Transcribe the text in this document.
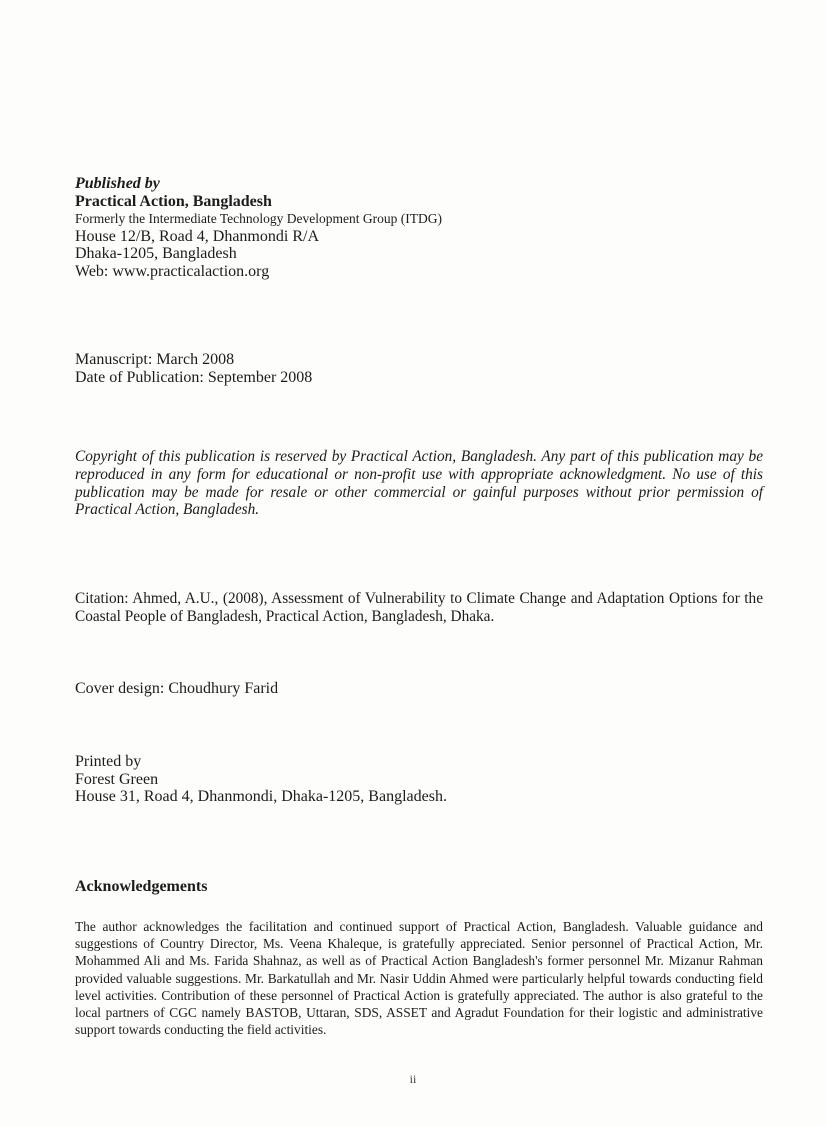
Published by
Practical Action, Bangladesh
Formerly the Intermediate Technology Development Group (ITDG)
House 12/B, Road 4, Dhanmondi R/A
Dhaka-1205, Bangladesh
Web: www.practicalaction.org
Manuscript: March 2008
Date of Publication: September 2008

Copyright of this publication is reserved by Practical Action, Bangladesh. Any part of this publication may be reproduced in any form for educational or non-profit use with appropriate acknowledgment. No use of this publication may be made for resale or other commercial or gainful purposes without prior permission of Practical Action, Bangladesh.

Citation: Ahmed, A.U., (2008), Assessment of Vulnerability to Climate Change and Adaptation Options for the Coastal People of Bangladesh, Practical Action, Bangladesh, Dhaka.

Cover design: Choudhury Farid
Printed by
Forest Green
House 31, Road 4, Dhanmondi, Dhaka-1205, Bangladesh.
Acknowledgements

The author acknowledges the facilitation and continued support of Practical Action, Bangladesh. Valuable guidance and suggestions of Country Director, Ms. Veena Khaleque, is gratefully appreciated. Senior personnel of Practical Action, Mr. Mohammed Ali and Ms. Farida Shahnaz, as well as of Practical Action Bangladesh's former personnel Mr. Mizanur Rahman provided valuable suggestions. Mr. Barkatullah and Mr. Nasir Uddin Ahmed were particularly helpful towards conducting field level activities. Contribution of these personnel of Practical Action is gratefully appreciated. The author is also grateful to the local partners of CGC namely BASTOB, Uttaran, SDS, ASSET and Agradut Foundation for their logistic and administrative support towards conducting the field activities.

ii
